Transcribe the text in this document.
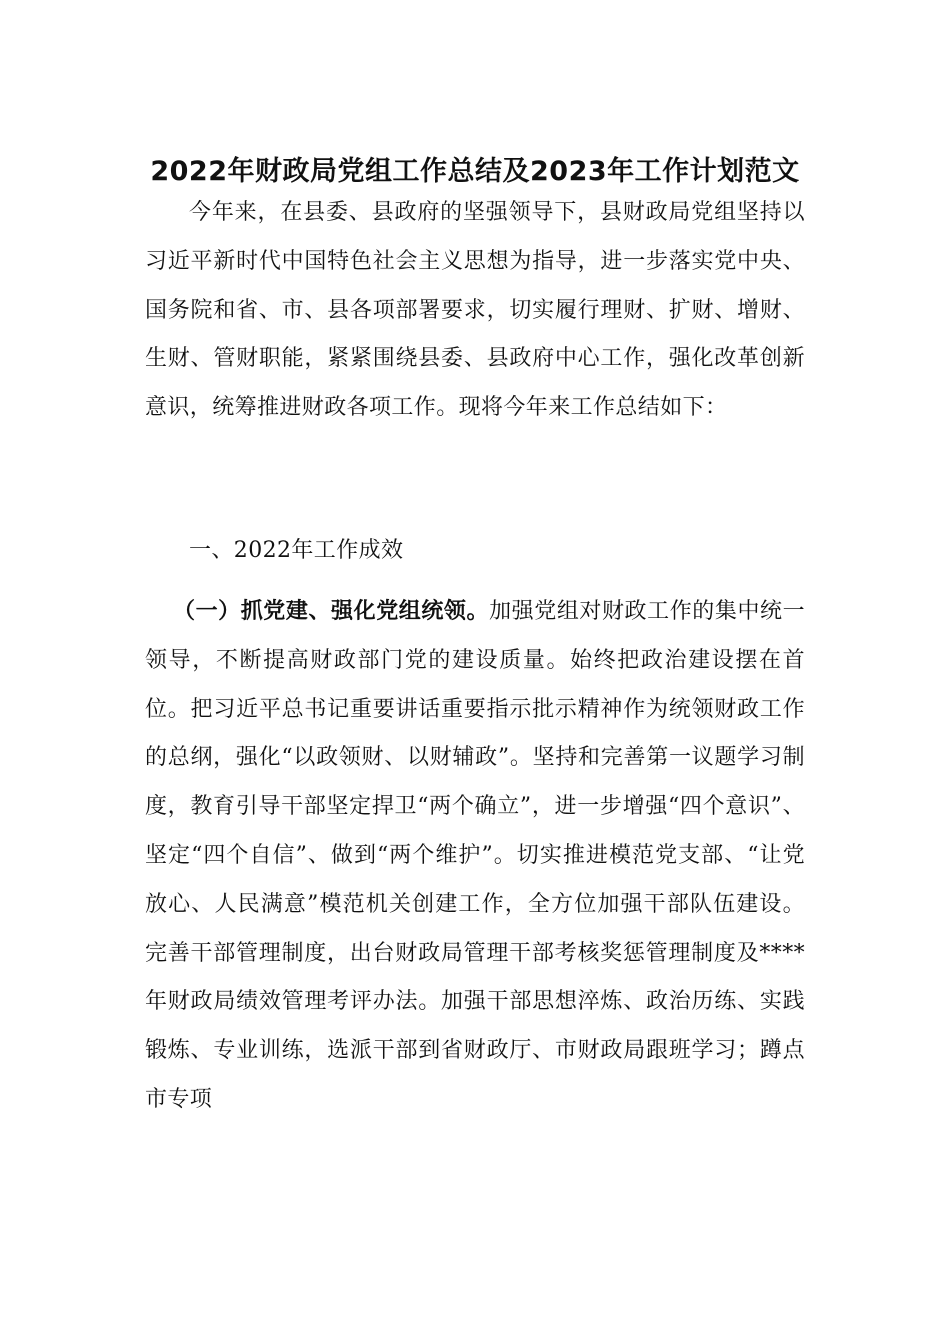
2022年财政局党组工作总结及2023年工作计划范文

今年来，在县委、县政府的坚强领导下，县财政局党组坚持以习近平新时代中国特色社会主义思想为指导，进一步落实党中央、国务院和省、市、县各项部署要求，切实履行理财、扩财、增财、生财、管财职能，紧紧围绕县委、县政府中心工作，强化改革创新意识，统筹推进财政各项工作。现将今年来工作总结如下：

一、2022年工作成效

（一）抓党建、强化党组统领。加强党组对财政工作的集中统一领导，不断提高财政部门党的建设质量。始终把政治建设摆在首位。把习近平总书记重要讲话重要指示批示精神作为统领财政工作的总纲，强化“以政领财、以财辅政”。坚持和完善第一议题学习制度，教育引导干部坚定捍卫“两个确立”，进一步增强“四个意识”、坚定“四个自信”、做到“两个维护”。切实推进模范党支部、“让党放心、人民满意”模范机关创建工作，全方位加强干部队伍建设。完善干部管理制度，出台财政局管理干部考核奖惩管理制度及****年财政局绩效管理考评办法。加强干部思想淬炼、政治历练、实践锻炼、专业训练，选派干部到省财政厅、市财政局跟班学习；蹲点市专项
